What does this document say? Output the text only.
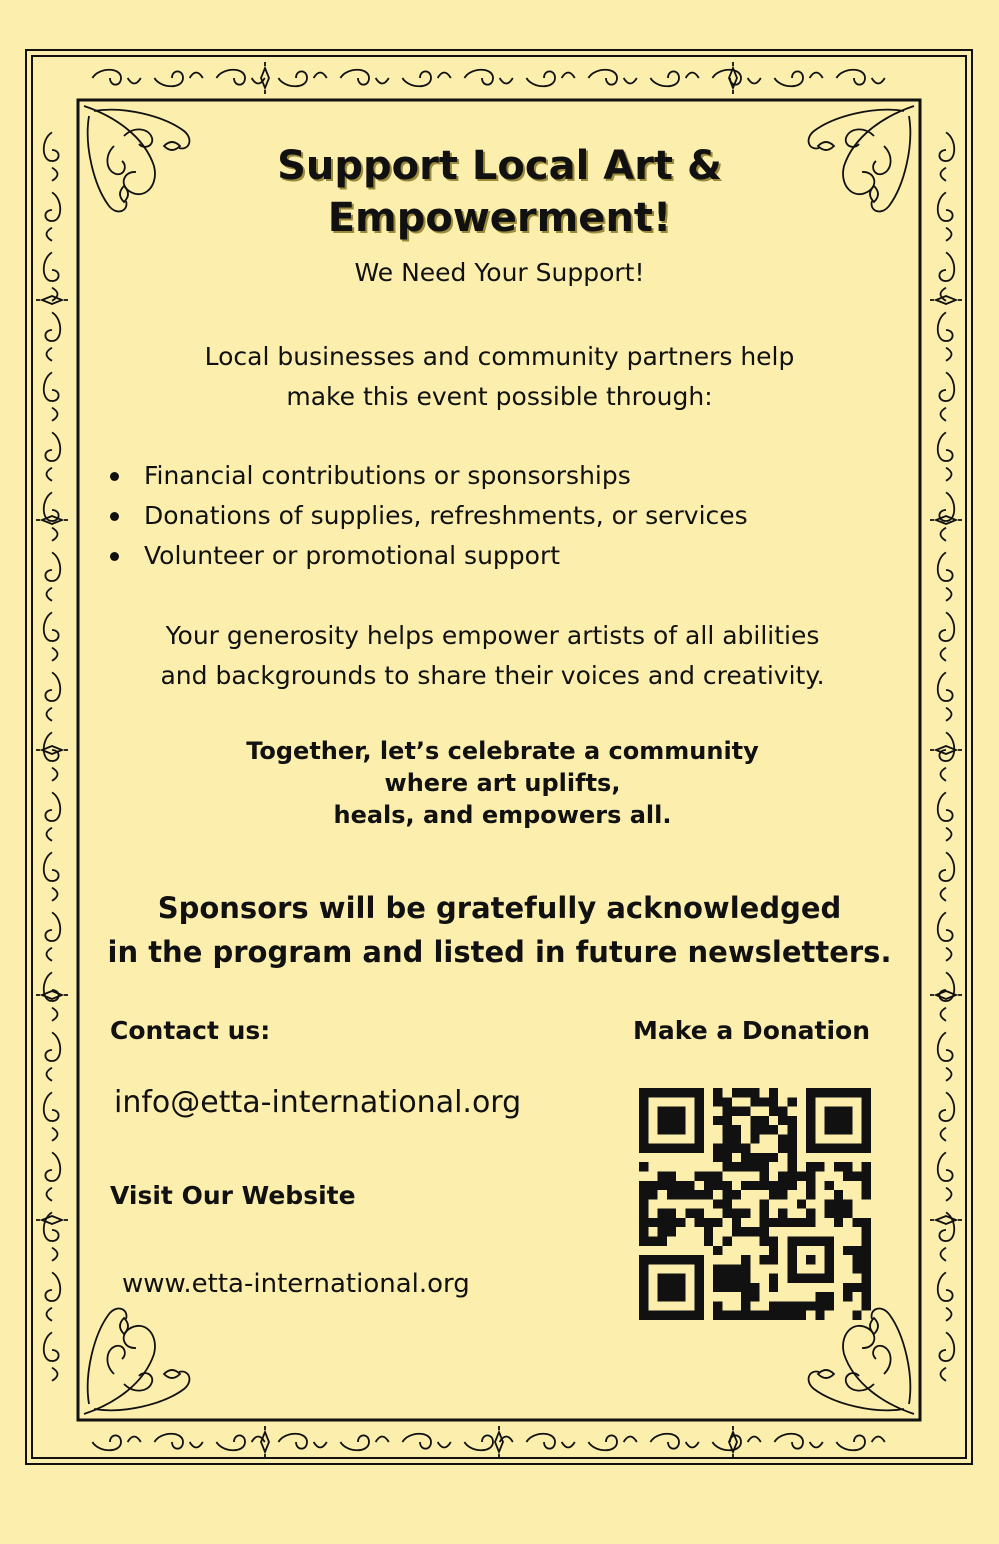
Support Local Art &
Empowerment!
We Need Your Support!
Local businesses and community partners help
make this event possible through:
Financial contributions or sponsorships
Donations of supplies, refreshments, or services
Volunteer or promotional support
Your generosity helps empower artists of all abilities
and backgrounds to share their voices and creativity.
Together, let’s celebrate a community
where art uplifts,
heals, and empowers all.
Sponsors will be gratefully acknowledged
in the program and listed in future newsletters.
Contact us:
info@etta-international.org
Visit Our Website
www.etta-international.org
Make a Donation
